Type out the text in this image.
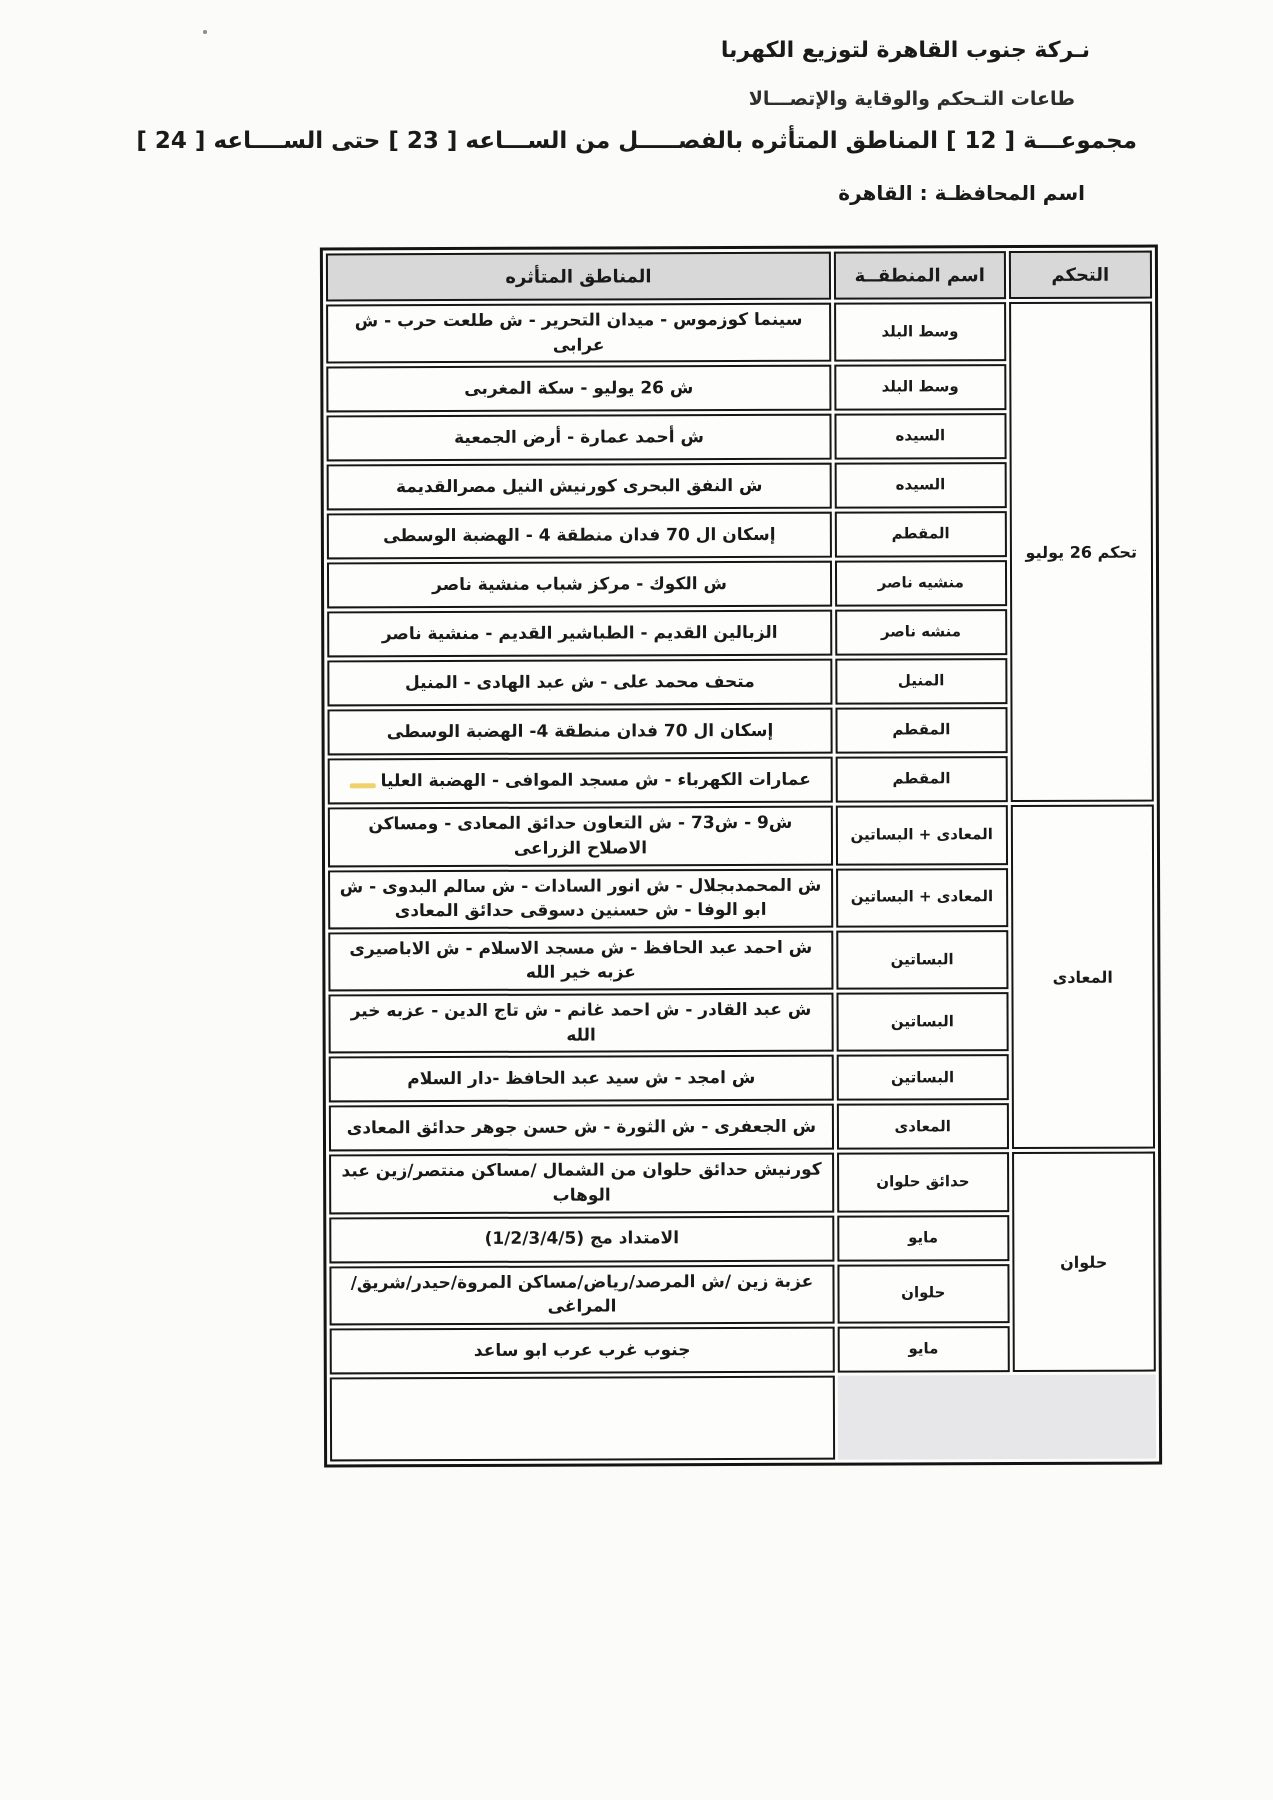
نـركة جنوب القاهرة لتوزيع الكهربا
طاعات التـحكم والوقاية والإتصـــالا
مجموعـــة [ 12 ] المناطق المتأثره بالفصـــــل من الســـاعه [ 23 ] حتى الســــاعه [ 24 ]
اسم المحافظـة : القاهرة
التحكم	اسم المنطقــة	المناطق المتأثره
تحكم 26 يوليو	وسط البلد	سينما كوزموس - ميدان التحرير - ش طلعت حرب - ش عرابى
	وسط البلد	ش 26 يوليو - سكة المغربى
	السيده	ش أحمد عمارة - أرض الجمعية
	السيده	ش النفق البحرى كورنيش النيل مصرالقديمة
	المقطم	إسكان ال 70 فدان منطقة 4 - الهضبة الوسطى
	منشيه ناصر	ش الكوك - مركز شباب منشية ناصر
	منشه ناصر	الزبالين القديم - الطباشير القديم - منشية ناصر
	المنيل	متحف محمد على - ش عبد الهادى - المنيل
	المقطم	إسكان ال 70 فدان منطقة 4- الهضبة الوسطى
	المقطم	عمارات الكهرباء - ش مسجد الموافى - الهضبة العليا
المعادى	المعادى + البساتين	ش9 - ش73 - ش التعاون حدائق المعادى - ومساكن الاصلاح الزراعى
	المعادى + البساتين	ش المحمدبجلال - ش انور السادات - ش سالم البدوى - ش ابو الوفا - ش حسنين دسوقى حدائق المعادى
	البساتين	ش احمد عبد الحافظ - ش مسجد الاسلام - ش الاباصيرى عزبه خير الله
	البساتين	ش عبد القادر - ش احمد غانم - ش تاج الدين - عزبه خير الله
	البساتين	ش امجد - ش سيد عبد الحافظ -دار السلام
	المعادى	ش الجعفرى - ش الثورة - ش حسن جوهر حدائق المعادى
حلوان	حدائق حلوان	كورنيش حدائق حلوان من الشمال /مساكن منتصر/زين عبد الوهاب
	مايو	الامتداد مج (1/2/3/4/5)
	حلوان	عزبة زين /ش المرصد/رياض/مساكن المروة/حيدر/شريق/المراغى
	مايو	جنوب غرب عرب ابو ساعد
